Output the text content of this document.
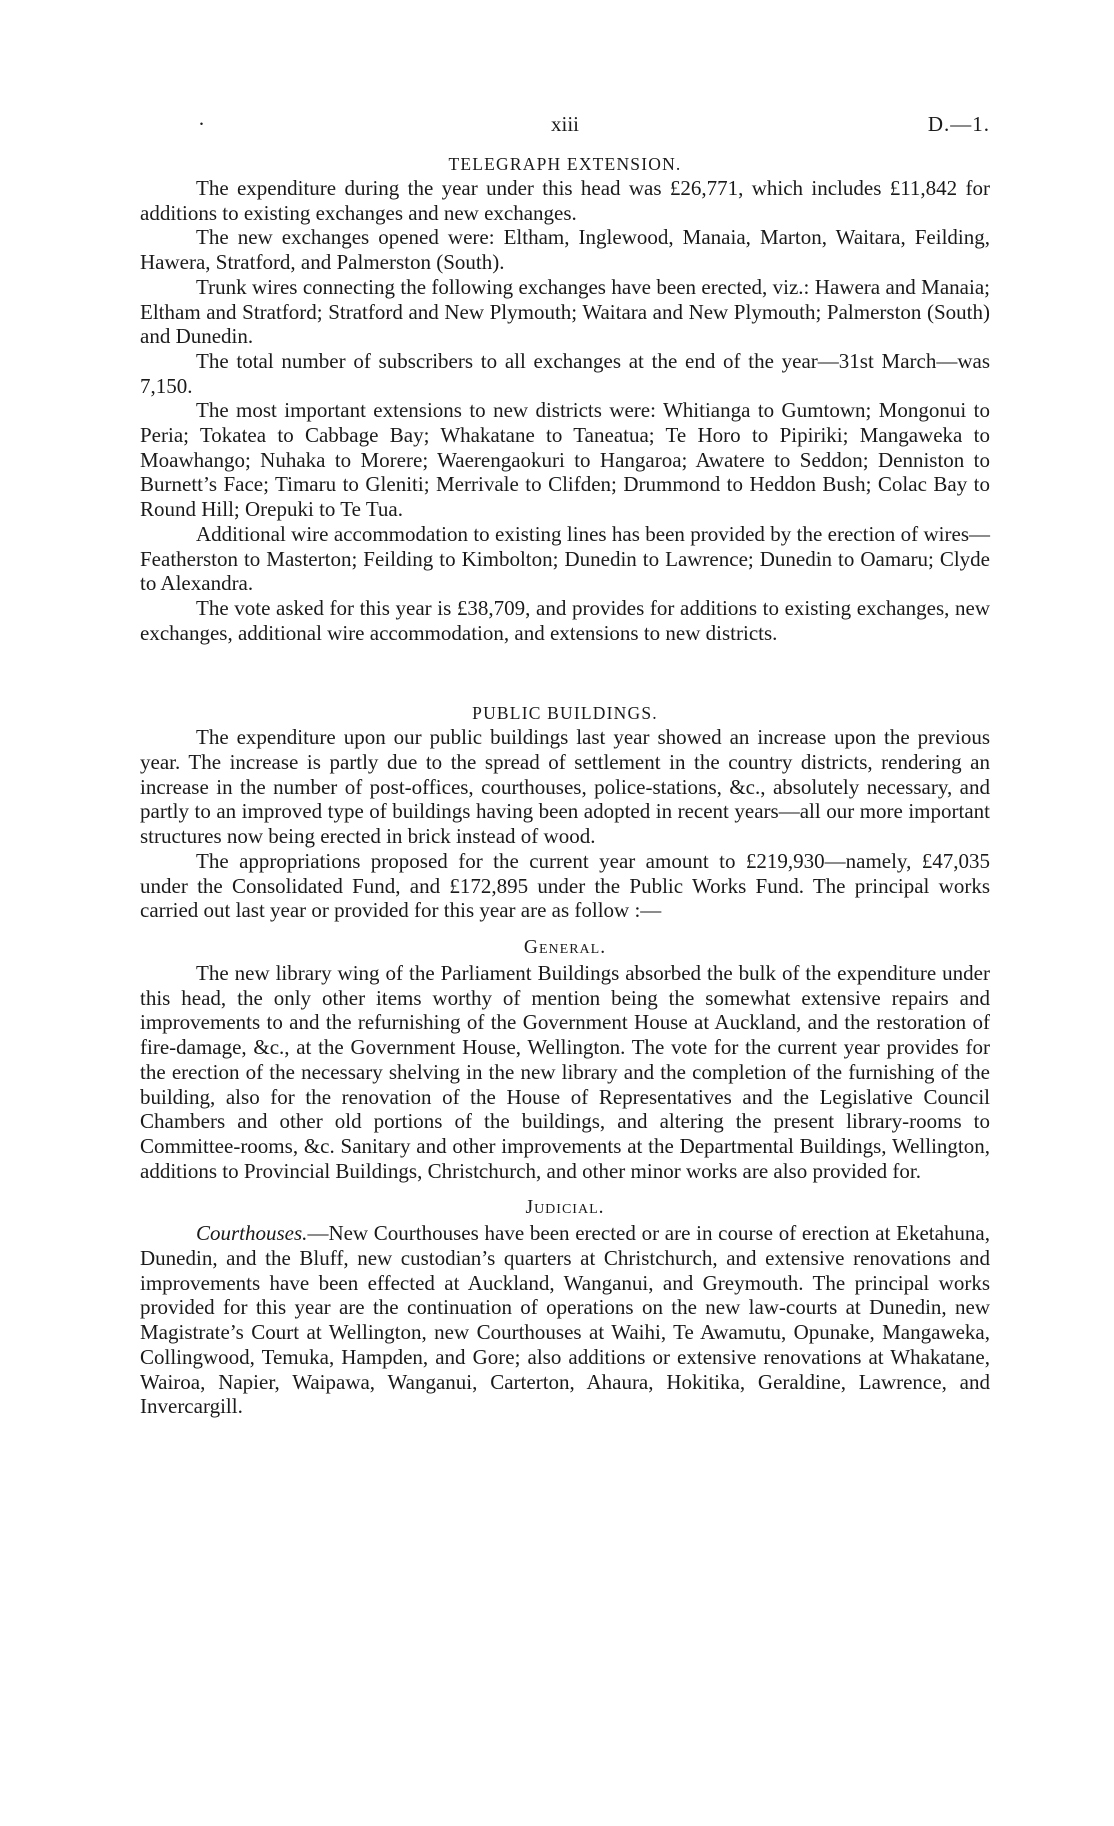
·	xiii	D.—1.
TELEGRAPH EXTENSION.

The expenditure during the year under this head was £26,771, which includes £11,842 for additions to existing exchanges and new exchanges.

The new exchanges opened were: Eltham, Inglewood, Manaia, Marton, Waitara, Feilding, Hawera, Stratford, and Palmerston (South).

Trunk wires connecting the following exchanges have been erected, viz.: Hawera and Manaia; Eltham and Stratford; Stratford and New Plymouth; Waitara and New Plymouth; Palmerston (South) and Dunedin.

The total number of subscribers to all exchanges at the end of the year—31st March—was 7,150.

The most important extensions to new districts were: Whitianga to Gumtown; Mongonui to Peria; Tokatea to Cabbage Bay; Whakatane to Taneatua; Te Horo to Pipiriki; Mangaweka to Moawhango; Nuhaka to Morere; Waerengaokuri to Hangaroa; Awatere to Seddon; Denniston to Burnett’s Face; Timaru to Gleniti; Merrivale to Clifden; Drummond to Heddon Bush; Colac Bay to Round Hill; Orepuki to Te Tua.

Additional wire accommodation to existing lines has been provided by the erection of wires—Featherston to Masterton; Feilding to Kimbolton; Dunedin to Lawrence; Dunedin to Oamaru; Clyde to Alexandra.

The vote asked for this year is £38,709, and provides for additions to existing exchanges, new exchanges, additional wire accommodation, and extensions to new districts.

PUBLIC BUILDINGS.

The expenditure upon our public buildings last year showed an increase upon the previous year. The increase is partly due to the spread of settlement in the country districts, rendering an increase in the number of post-offices, courthouses, police-stations, &c., absolutely necessary, and partly to an improved type of buildings having been adopted in recent years—all our more important structures now being erected in brick instead of wood.

The appropriations proposed for the current year amount to £219,930—namely, £47,035 under the Consolidated Fund, and £172,895 under the Public Works Fund. The principal works carried out last year or provided for this year are as follow :—

General.

The new library wing of the Parliament Buildings absorbed the bulk of the expenditure under this head, the only other items worthy of mention being the somewhat extensive repairs and improvements to and the refurnishing of the Government House at Auckland, and the restoration of fire-damage, &c., at the Government House, Wellington. The vote for the current year provides for the erection of the necessary shelving in the new library and the completion of the furnishing of the building, also for the renovation of the House of Representatives and the Legislative Council Chambers and other old portions of the buildings, and altering the present library-rooms to Committee-rooms, &c. Sanitary and other improvements at the Departmental Buildings, Wellington, additions to Provincial Buildings, Christchurch, and other minor works are also provided for.

Judicial.

Courthouses.—New Courthouses have been erected or are in course of erection at Eketahuna, Dunedin, and the Bluff, new custodian’s quarters at Christchurch, and extensive renovations and improvements have been effected at Auckland, Wanganui, and Greymouth. The principal works provided for this year are the continuation of operations on the new law-courts at Dunedin, new Magistrate’s Court at Wellington, new Courthouses at Waihi, Te Awamutu, Opunake, Mangaweka, Collingwood, Temuka, Hampden, and Gore; also additions or extensive renovations at Whakatane, Wairoa, Napier, Waipawa, Wanganui, Carterton, Ahaura, Hokitika, Geraldine, Lawrence, and Invercargill.
